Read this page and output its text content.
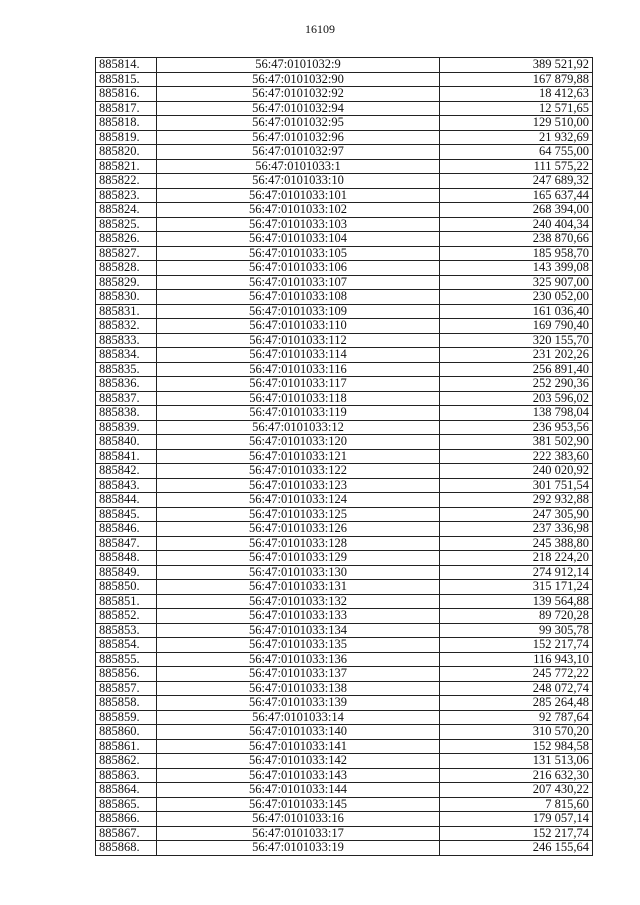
16109
885814.	56:47:0101032:9	389 521,92
885815.	56:47:0101032:90	167 879,88
885816.	56:47:0101032:92	18 412,63
885817.	56:47:0101032:94	12 571,65
885818.	56:47:0101032:95	129 510,00
885819.	56:47:0101032:96	21 932,69
885820.	56:47:0101032:97	64 755,00
885821.	56:47:0101033:1	111 575,22
885822.	56:47:0101033:10	247 689,32
885823.	56:47:0101033:101	165 637,44
885824.	56:47:0101033:102	268 394,00
885825.	56:47:0101033:103	240 404,34
885826.	56:47:0101033:104	238 870,66
885827.	56:47:0101033:105	185 958,70
885828.	56:47:0101033:106	143 399,08
885829.	56:47:0101033:107	325 907,00
885830.	56:47:0101033:108	230 052,00
885831.	56:47:0101033:109	161 036,40
885832.	56:47:0101033:110	169 790,40
885833.	56:47:0101033:112	320 155,70
885834.	56:47:0101033:114	231 202,26
885835.	56:47:0101033:116	256 891,40
885836.	56:47:0101033:117	252 290,36
885837.	56:47:0101033:118	203 596,02
885838.	56:47:0101033:119	138 798,04
885839.	56:47:0101033:12	236 953,56
885840.	56:47:0101033:120	381 502,90
885841.	56:47:0101033:121	222 383,60
885842.	56:47:0101033:122	240 020,92
885843.	56:47:0101033:123	301 751,54
885844.	56:47:0101033:124	292 932,88
885845.	56:47:0101033:125	247 305,90
885846.	56:47:0101033:126	237 336,98
885847.	56:47:0101033:128	245 388,80
885848.	56:47:0101033:129	218 224,20
885849.	56:47:0101033:130	274 912,14
885850.	56:47:0101033:131	315 171,24
885851.	56:47:0101033:132	139 564,88
885852.	56:47:0101033:133	89 720,28
885853.	56:47:0101033:134	99 305,78
885854.	56:47:0101033:135	152 217,74
885855.	56:47:0101033:136	116 943,10
885856.	56:47:0101033:137	245 772,22
885857.	56:47:0101033:138	248 072,74
885858.	56:47:0101033:139	285 264,48
885859.	56:47:0101033:14	92 787,64
885860.	56:47:0101033:140	310 570,20
885861.	56:47:0101033:141	152 984,58
885862.	56:47:0101033:142	131 513,06
885863.	56:47:0101033:143	216 632,30
885864.	56:47:0101033:144	207 430,22
885865.	56:47:0101033:145	7 815,60
885866.	56:47:0101033:16	179 057,14
885867.	56:47:0101033:17	152 217,74
885868.	56:47:0101033:19	246 155,64
